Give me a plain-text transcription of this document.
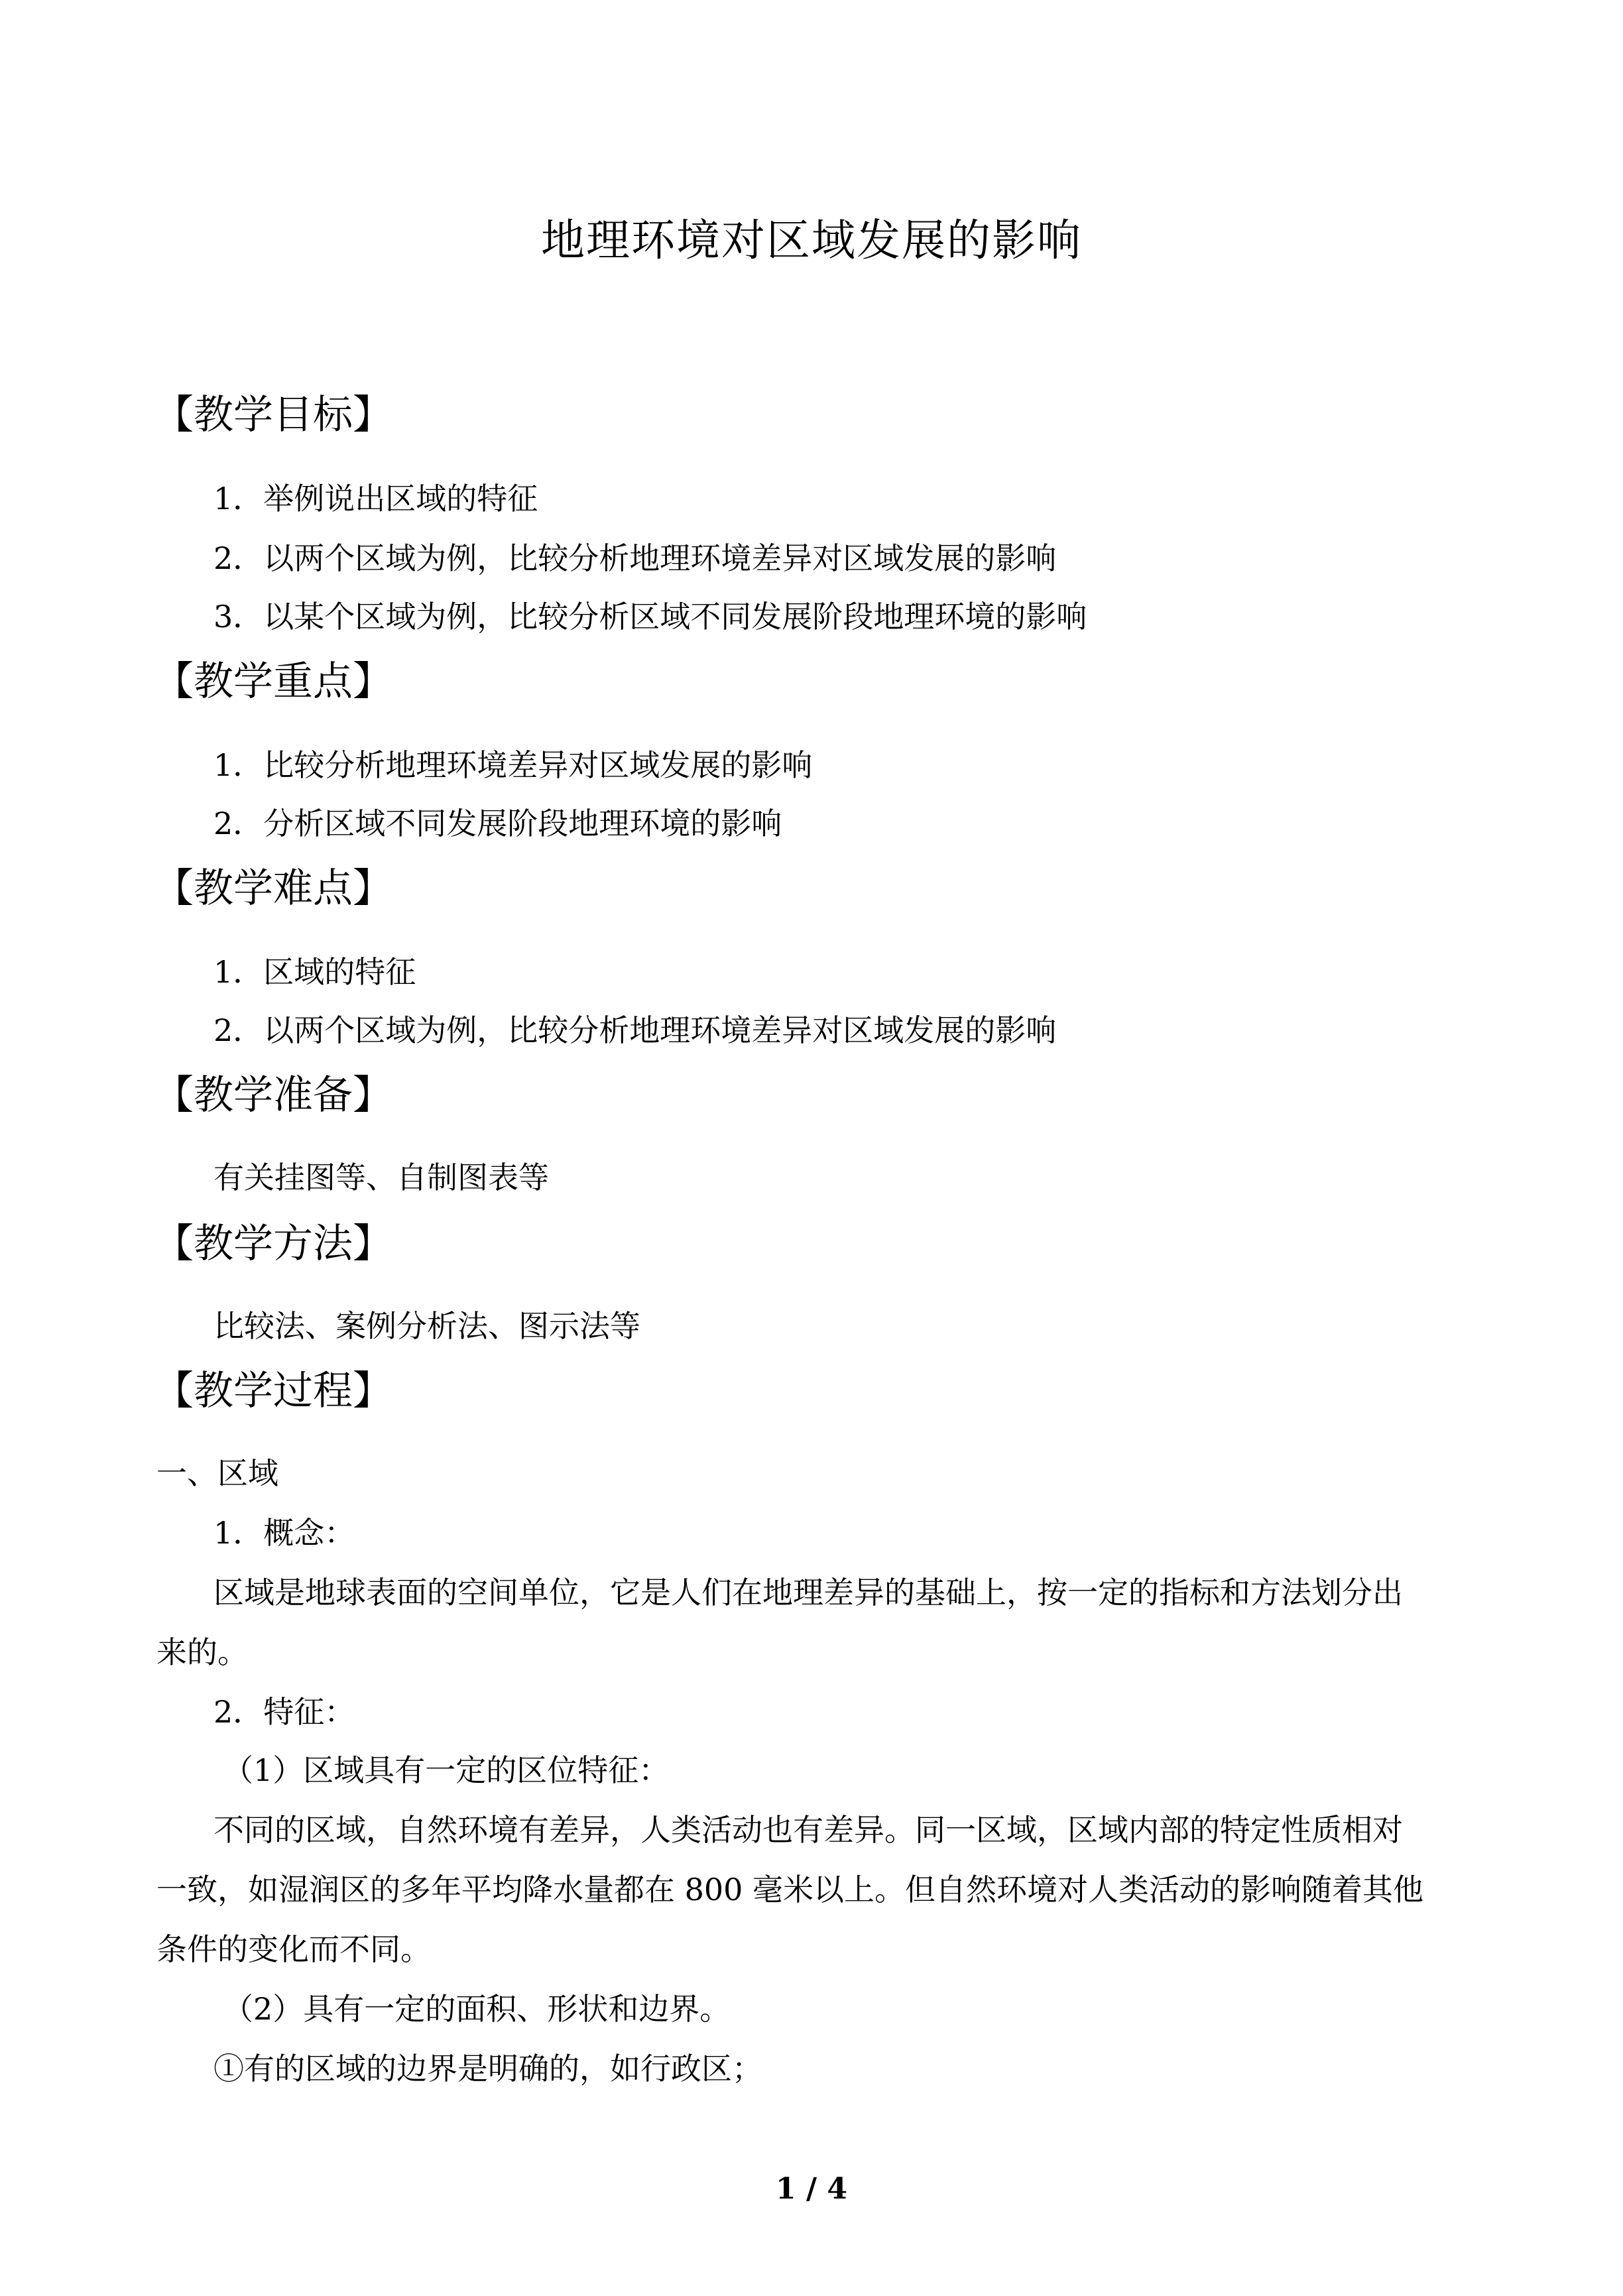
地理环境对区域发展的影响
【教学目标】
1．举例说出区域的特征
2．以两个区域为例，比较分析地理环境差异对区域发展的影响
3．以某个区域为例，比较分析区域不同发展阶段地理环境的影响
【教学重点】
1．比较分析地理环境差异对区域发展的影响
2．分析区域不同发展阶段地理环境的影响
【教学难点】
1．区域的特征
2．以两个区域为例，比较分析地理环境差异对区域发展的影响
【教学准备】
有关挂图等、自制图表等
【教学方法】
比较法、案例分析法、图示法等
【教学过程】
一、区域
1．概念：
区域是地球表面的空间单位，它是人们在地理差异的基础上，按一定的指标和方法划分出
来的。
2．特征：
（1）区域具有一定的区位特征：
不同的区域，自然环境有差异，人类活动也有差异。同一区域，区域内部的特定性质相对
一致，如湿润区的多年平均降水量都在 800 毫米以上。但自然环境对人类活动的影响随着其他
条件的变化而不同。
（2）具有一定的面积、形状和边界。
①有的区域的边界是明确的，如行政区；
1 / 4
